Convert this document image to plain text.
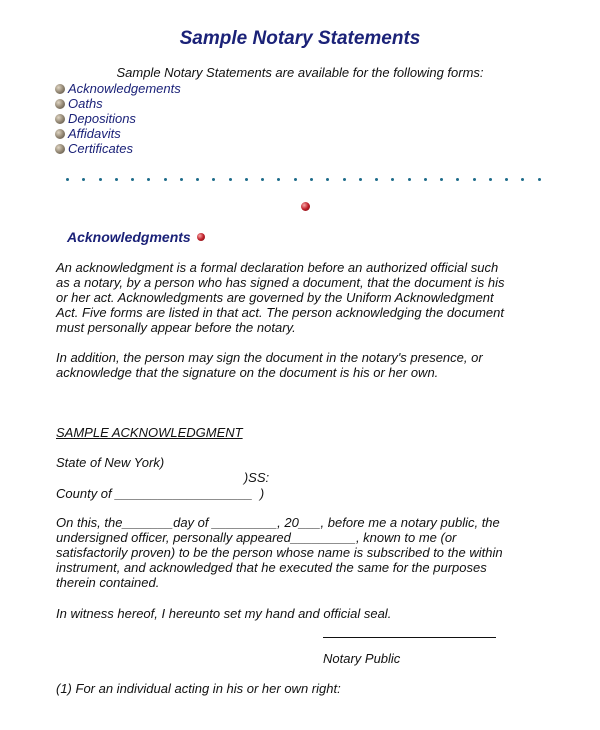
Sample Notary Statements
Sample Notary Statements are available for the following forms:
Acknowledgements
Oaths
Depositions
Affidavits
Certificates
Acknowledgments
An acknowledgment is a formal declaration before an authorized official such
as a notary, by a person who has signed a document, that the document is his
or her act. Acknowledgments are governed by the Uniform Acknowledgment
Act. Five forms are listed in that act. The person acknowledging the document
must personally appear before the notary.
In addition, the person may sign the document in the notary's presence, or
acknowledge that the signature on the document is his or her own.
SAMPLE ACKNOWLEDGMENT
State of New York)
)SS:
County of ___________________  )
On this, the_______day of _________, 20___, before me a notary public, the
undersigned officer, personally appeared_________, known to me (or
satisfactorily proven) to be the person whose name is subscribed to the within
instrument, and acknowledged that he executed the same for the purposes
therein contained.
In witness hereof, I hereunto set my hand and official seal.
Notary Public
(1) For an individual acting in his or her own right:
